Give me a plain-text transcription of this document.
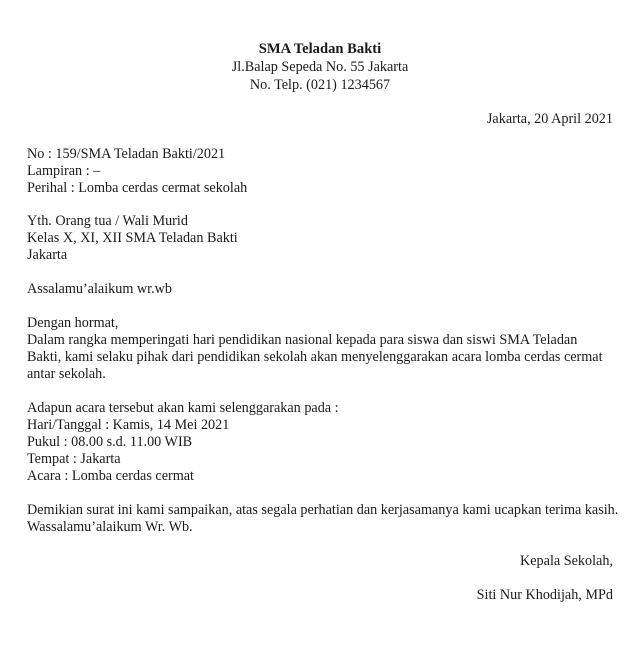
SMA Teladan Bakti
Jl.Balap Sepeda No. 55 Jakarta
No. Telp. (021) 1234567
Jakarta, 20 April 2021
No : 159/SMA Teladan Bakti/2021
Lampiran : –
Perihal : Lomba cerdas cermat sekolah
Yth. Orang tua / Wali Murid
Kelas X, XI, XII SMA Teladan Bakti
Jakarta
Assalamu’alaikum wr.wb
Dengan hormat,
Dalam rangka memperingati hari pendidikan nasional kepada para siswa dan siswi SMA Teladan
Bakti, kami selaku pihak dari pendidikan sekolah akan menyelenggarakan acara lomba cerdas cermat
antar sekolah.
Adapun acara tersebut akan kami selenggarakan pada :
Hari/Tanggal : Kamis, 14 Mei 2021
Pukul : 08.00 s.d. 11.00 WIB
Tempat : Jakarta
Acara : Lomba cerdas cermat
Demikian surat ini kami sampaikan, atas segala perhatian dan kerjasamanya kami ucapkan terima kasih.
Wassalamu’alaikum Wr. Wb.
Kepala Sekolah,
Siti Nur Khodijah, MPd
